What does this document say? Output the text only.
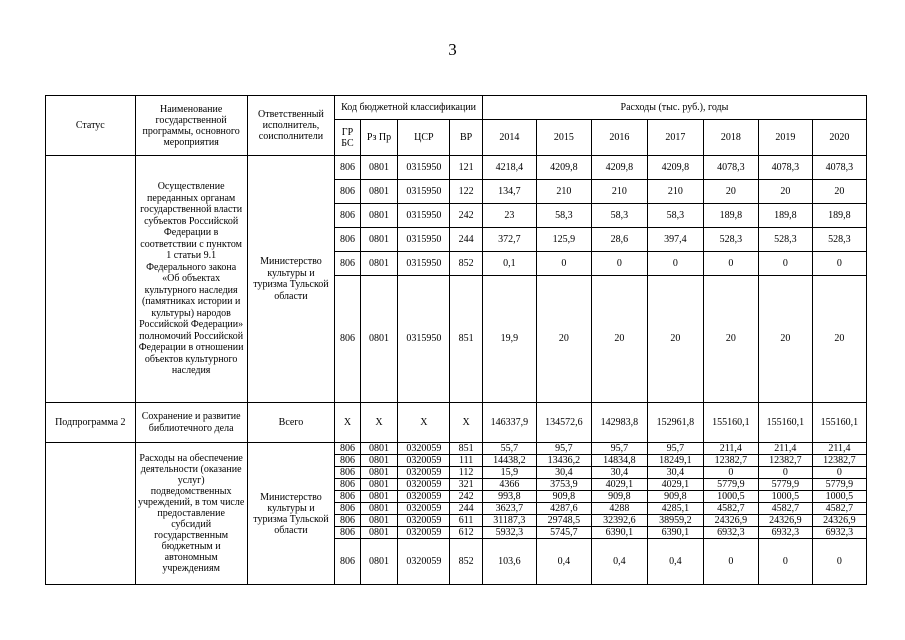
3
Статус	Наименование государственной программы, основного мероприятия	Ответственный исполнитель, соисполнители	Код бюджетной классификации				Расходы (тыс. руб.), годы						
			ГР БС	Рз Пр	ЦСР	ВР	2014	2015	2016	2017	2018	2019	2020
	Осуществление переданных органам государственной власти субъектов Российской Федерации в соответствии с пунктом 1 статьи 9.1 Федерального закона «Об объектах культурного наследия (памятниках истории и культуры) народов Российской Федерации» полномочий Российской Федерации в отношении объектов культурного наследия	Министерство культуры и туризма Тульской области	806	0801	0315950	121	4218,4	4209,8	4209,8	4209,8	4078,3	4078,3	4078,3
			806	0801	0315950	122	134,7	210	210	210	20	20	20
			806	0801	0315950	242	23	58,3	58,3	58,3	189,8	189,8	189,8
			806	0801	0315950	244	372,7	125,9	28,6	397,4	528,3	528,3	528,3
			806	0801	0315950	852	0,1	0	0	0	0	0	0
			806	0801	0315950	851	19,9	20	20	20	20	20	20
Подпрограмма 2	Сохранение и развитие библиотечного дела	Всего	X	X	X	X	146337,9	134572,6	142983,8	152961,8	155160,1	155160,1	155160,1
	Расходы на обеспечение деятельности (оказание услуг) подведомственных учреждений, в том числе предоставление субсидий государственным бюджетным и автономным учреждениям	Министерство культуры и туризма Тульской области	806	0801	0320059	851	55,7	95,7	95,7	95,7	211,4	211,4	211,4
			806	0801	0320059	111	14438,2	13436,2	14834,8	18249,1	12382,7	12382,7	12382,7
			806	0801	0320059	112	15,9	30,4	30,4	30,4	0	0	0
			806	0801	0320059	321	4366	3753,9	4029,1	4029,1	5779,9	5779,9	5779,9
			806	0801	0320059	242	993,8	909,8	909,8	909,8	1000,5	1000,5	1000,5
			806	0801	0320059	244	3623,7	4287,6	4288	4285,1	4582,7	4582,7	4582,7
			806	0801	0320059	611	31187,3	29748,5	32392,6	38959,2	24326,9	24326,9	24326,9
			806	0801	0320059	612	5932,3	5745,7	6390,1	6390,1	6932,3	6932,3	6932,3
			806	0801	0320059	852	103,6	0,4	0,4	0,4	0	0	0
